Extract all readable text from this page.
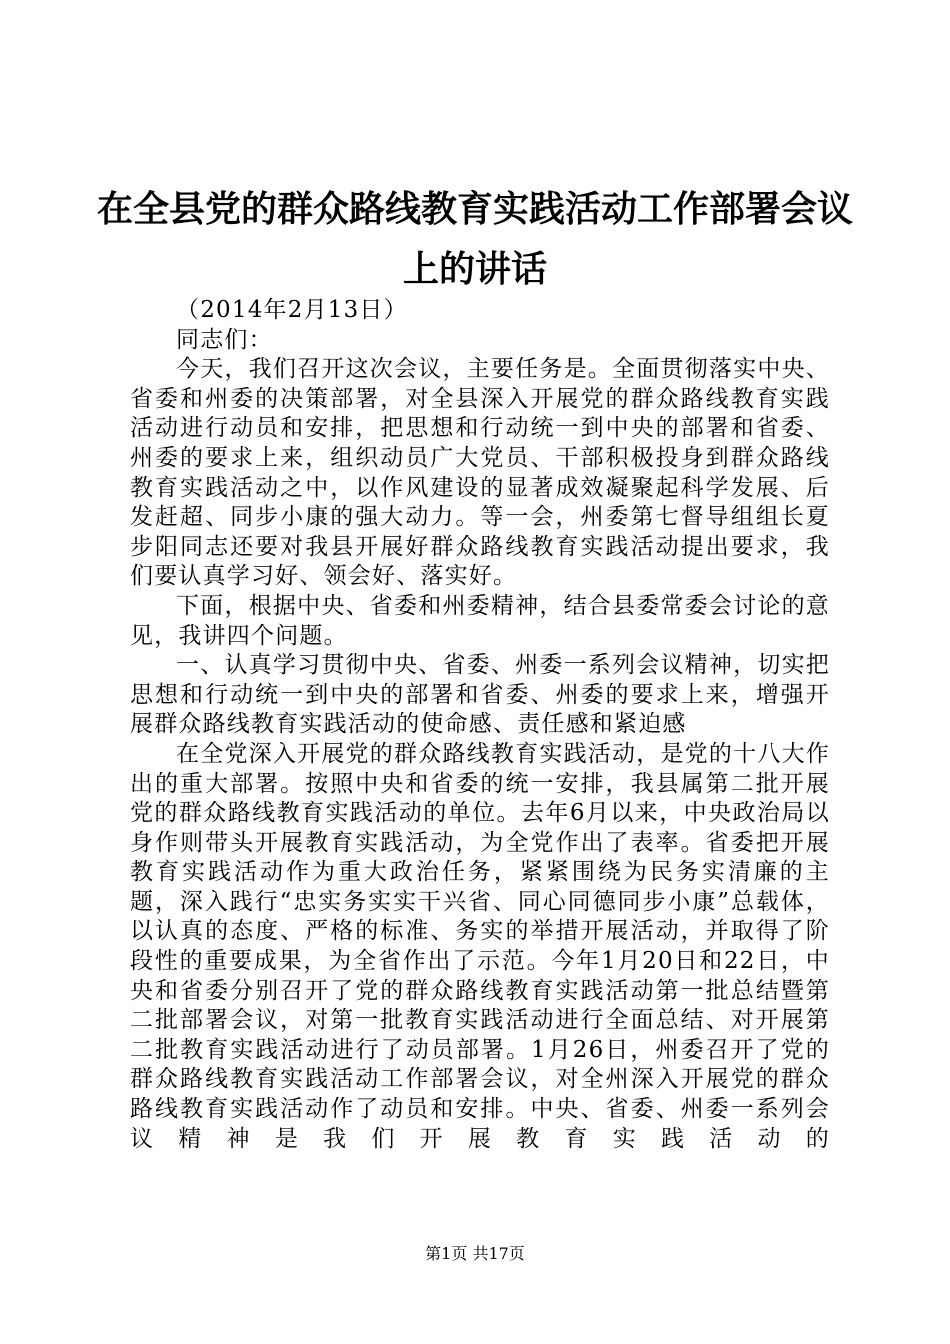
在全县党的群众路线教育实践活动工作部署会议上的讲话

（2014年2月13日）

同志们：

今天，我们召开这次会议，主要任务是。全面贯彻落实中央、省委和州委的决策部署，对全县深入开展党的群众路线教育实践活动进行动员和安排，把思想和行动统一到中央的部署和省委、州委的要求上来，组织动员广大党员、干部积极投身到群众路线教育实践活动之中，以作风建设的显著成效凝聚起科学发展、后发赶超、同步小康的强大动力。等一会，州委第七督导组组长夏步阳同志还要对我县开展好群众路线教育实践活动提出要求，我们要认真学习好、领会好、落实好。

下面，根据中央、省委和州委精神，结合县委常委会讨论的意见，我讲四个问题。

一、认真学习贯彻中央、省委、州委一系列会议精神，切实把思想和行动统一到中央的部署和省委、州委的要求上来，增强开展群众路线教育实践活动的使命感、责任感和紧迫感

在全党深入开展党的群众路线教育实践活动，是党的十八大作出的重大部署。按照中央和省委的统一安排，我县属第二批开展党的群众路线教育实践活动的单位。去年6月以来，中央政治局以身作则带头开展教育实践活动，为全党作出了表率。省委把开展教育实践活动作为重大政治任务，紧紧围绕为民务实清廉的主题，深入践行“忠实务实实干兴省、同心同德同步小康”总载体，以认真的态度、严格的标准、务实的举措开展活动，并取得了阶段性的重要成果，为全省作出了示范。今年1月20日和22日，中央和省委分别召开了党的群众路线教育实践活动第一批总结暨第二批部署会议，对第一批教育实践活动进行全面总结、对开展第二批教育实践活动进行了动员部署。1月26日，州委召开了党的群众路线教育实践活动工作部署会议，对全州深入开展党的群众路线教育实践活动作了动员和安排。中央、省委、州委一系列会议精神是我们开展教育实践活动的

第1页 共17页
